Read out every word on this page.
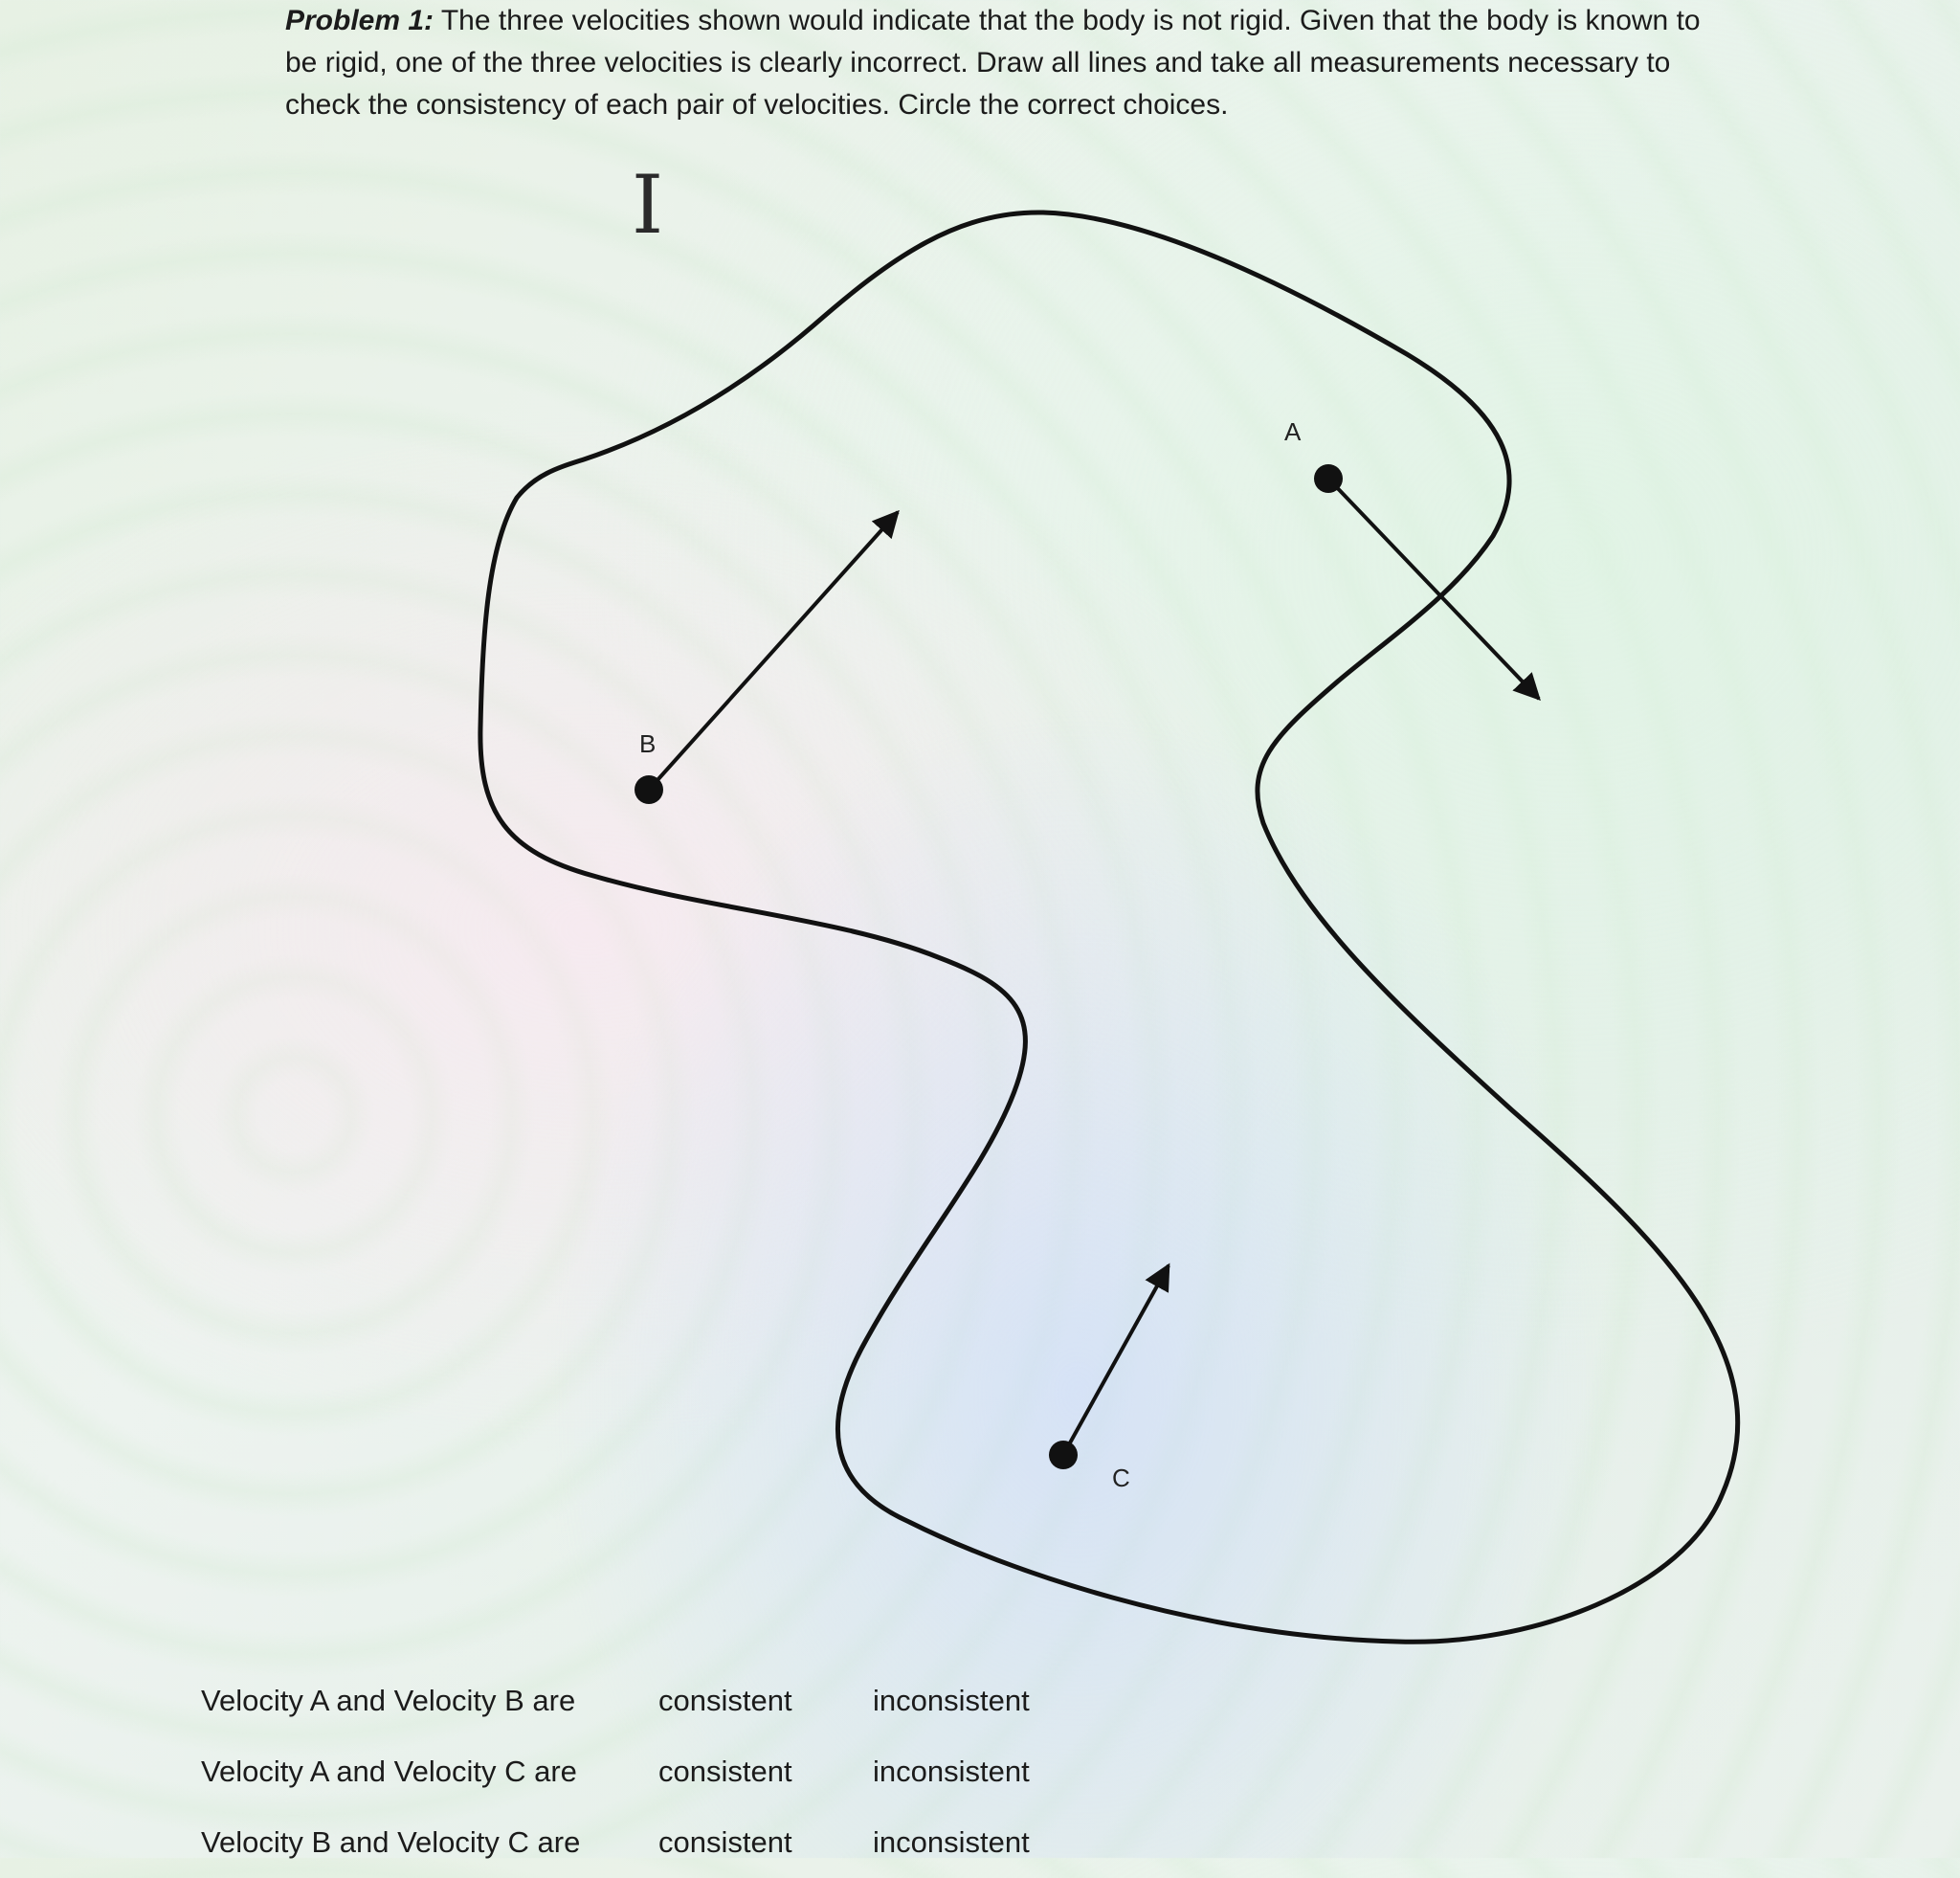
Problem 1: The three velocities shown would indicate that the body is not rigid. Given that the body is known to be rigid, one of the three velocities is clearly incorrect. Draw all lines and take all measurements necessary to check the consistency of each pair of velocities. Circle the correct choices.

I
A
B
C
Velocity A and Velocity B are	consistent	inconsistent
Velocity A and Velocity C are	consistent	inconsistent
Velocity B and Velocity C are	consistent	inconsistent
